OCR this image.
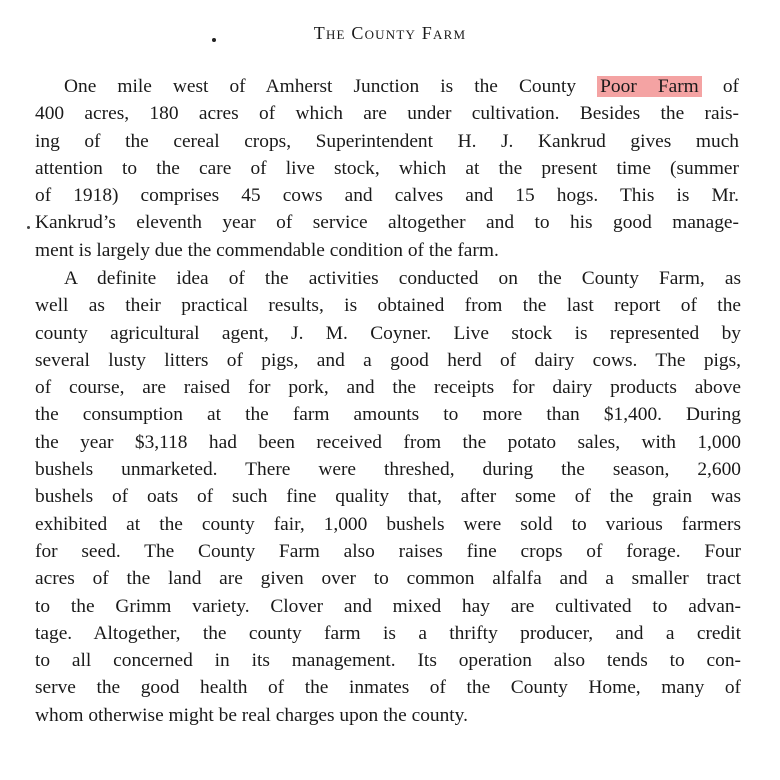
The County Farm
One mile west of Amherst Junction is the County Poor Farm of
400 acres, 180 acres of which are under cultivation. Besides the rais-
ing of the cereal crops, Superintendent H. J. Kankrud gives much
attention to the care of live stock, which at the present time (summer
of 1918) comprises 45 cows and calves and 15 hogs. This is Mr.
Kankrud’s eleventh year of service altogether and to his good manage-
ment is largely due the commendable condition of the farm.
A definite idea of the activities conducted on the County Farm, as
well as their practical results, is obtained from the last report of the
county agricultural agent, J. M. Coyner. Live stock is represented by
several lusty litters of pigs, and a good herd of dairy cows. The pigs,
of course, are raised for pork, and the receipts for dairy products above
the consumption at the farm amounts to more than $1,400. During
the year $3,118 had been received from the potato sales, with 1,000
bushels unmarketed. There were threshed, during the season, 2,600
bushels of oats of such fine quality that, after some of the grain was
exhibited at the county fair, 1,000 bushels were sold to various farmers
for seed. The County Farm also raises fine crops of forage. Four
acres of the land are given over to common alfalfa and a smaller tract
to the Grimm variety. Clover and mixed hay are cultivated to advan-
tage. Altogether, the county farm is a thrifty producer, and a credit
to all concerned in its management. Its operation also tends to con-
serve the good health of the inmates of the County Home, many of
whom otherwise might be real charges upon the county.
